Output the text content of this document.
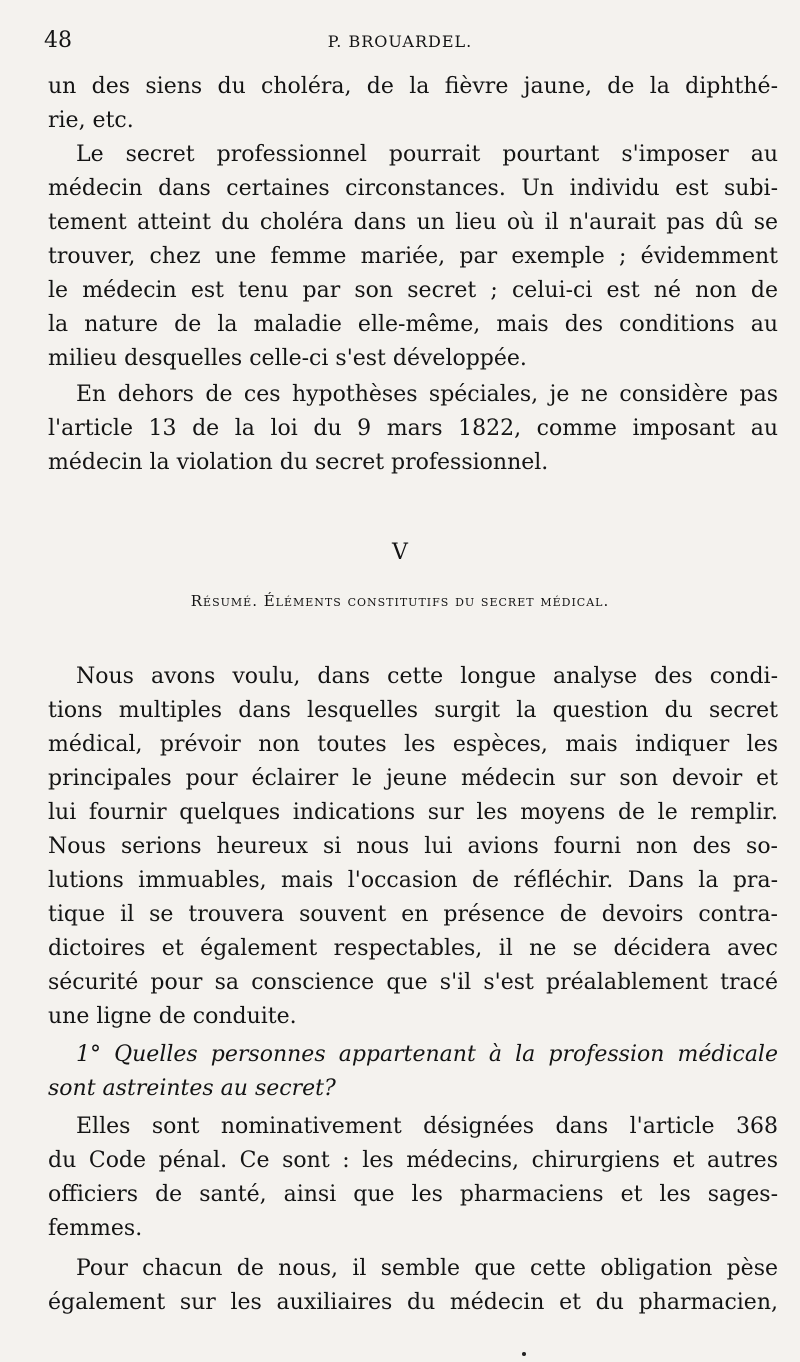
48	P. BROUARDEL.
un des siens du choléra, de la fièvre jaune, de la diphthé-
rie, etc.
Le secret professionnel pourrait pourtant s'imposer au
médecin dans certaines circonstances. Un individu est subi-
tement atteint du choléra dans un lieu où il n'aurait pas dû se
trouver, chez une femme mariée, par exemple ; évidemment
le médecin est tenu par son secret ; celui-ci est né non de
la nature de la maladie elle-même, mais des conditions au
milieu desquelles celle-ci s'est développée.
En dehors de ces hypothèses spéciales, je ne considère pas
l'article 13 de la loi du 9 mars 1822, comme imposant au
médecin la violation du secret professionnel.
V
Résumé. Éléments constitutifs du secret médical.
Nous avons voulu, dans cette longue analyse des condi-
tions multiples dans lesquelles surgit la question du secret
médical, prévoir non toutes les espèces, mais indiquer les
principales pour éclairer le jeune médecin sur son devoir et
lui fournir quelques indications sur les moyens de le remplir.
Nous serions heureux si nous lui avions fourni non des so-
lutions immuables, mais l'occasion de réfléchir. Dans la pra-
tique il se trouvera souvent en présence de devoirs contra-
dictoires et également respectables, il ne se décidera avec
sécurité pour sa conscience que s'il s'est préalablement tracé
une ligne de conduite.
1° Quelles personnes appartenant à la profession médicale
sont astreintes au secret?
Elles sont nominativement désignées dans l'article 368
du Code pénal. Ce sont : les médecins, chirurgiens et autres
officiers de santé, ainsi que les pharmaciens et les sages-
femmes.
Pour chacun de nous, il semble que cette obligation pèse
également sur les auxiliaires du médecin et du pharmacien,
